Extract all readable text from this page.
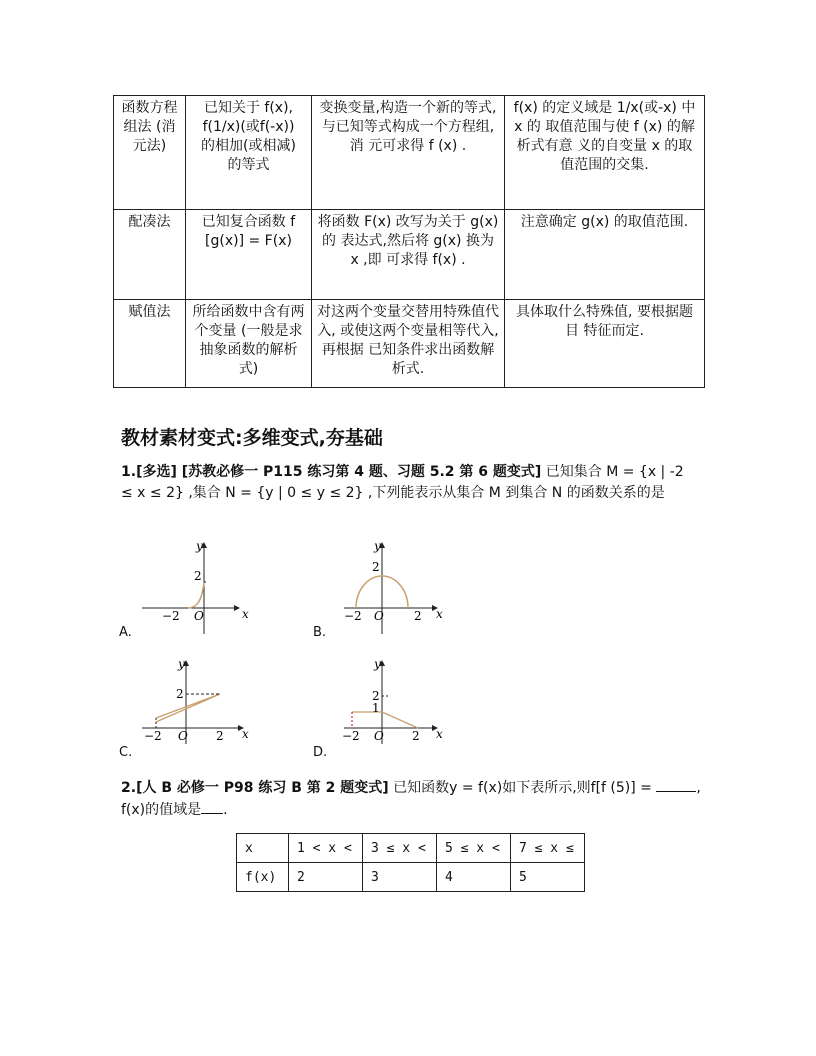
函数方程 组法 (消元法)	已知关于 f(x),
f(1/x)(或f(-x))
的相加(或相减)
的等式	变换变量,构造一个新的等式, 与已知等式构成一个方程组,消 元可求得 f (x) .	f(x) 的定义域是 1/x(或-x) 中 x 的 取值范围与使 f (x) 的解析式有意 义的自变量 x 的取值范围的交集.
配凑法	已知复合函数 f
[g(x)] = F(x)	将函数 F(x) 改写为关于 g(x) 的 表达式,然后将 g(x) 换为 x ,即 可求得 f(x) .	注意确定 g(x) 的取值范围.
赋值法	所给函数中含有两个变量 (一般是求抽象函数的解析式)	对这两个变量交替用特殊值代入, 或使这两个变量相等代入, 再根据 已知条件求出函数解析式.	具体取什么特殊值, 要根据题目 特征而定.
教材素材变式:多维变式,夯基础
1.[多选] [苏教必修一 P115 练习第 4 题、习题 5.2 第 6 题变式] 已知集合 M = {x | -2 ≤ x ≤ 2} ,集合 N = {y | 0 ≤ y ≤ 2} ,下列能表示从集合 M 到集合 N 的函数关系的是
y
x
2
−2 O
A.
y
x
2
−2 O	2
B.
y
x
2
−2 O 2
C.
y
x
2
1
−2 O 2
D.
2.[人 B 必修一 P98 练习 B 第 2 题变式] 已知函数y = f(x)如下表所示,则f[f (5)] =	, f(x)的值域是 .
x	1 < x <	3 ≤ x <	5 ≤ x <	7 ≤ x ≤
f(x)	2	3	4	5
